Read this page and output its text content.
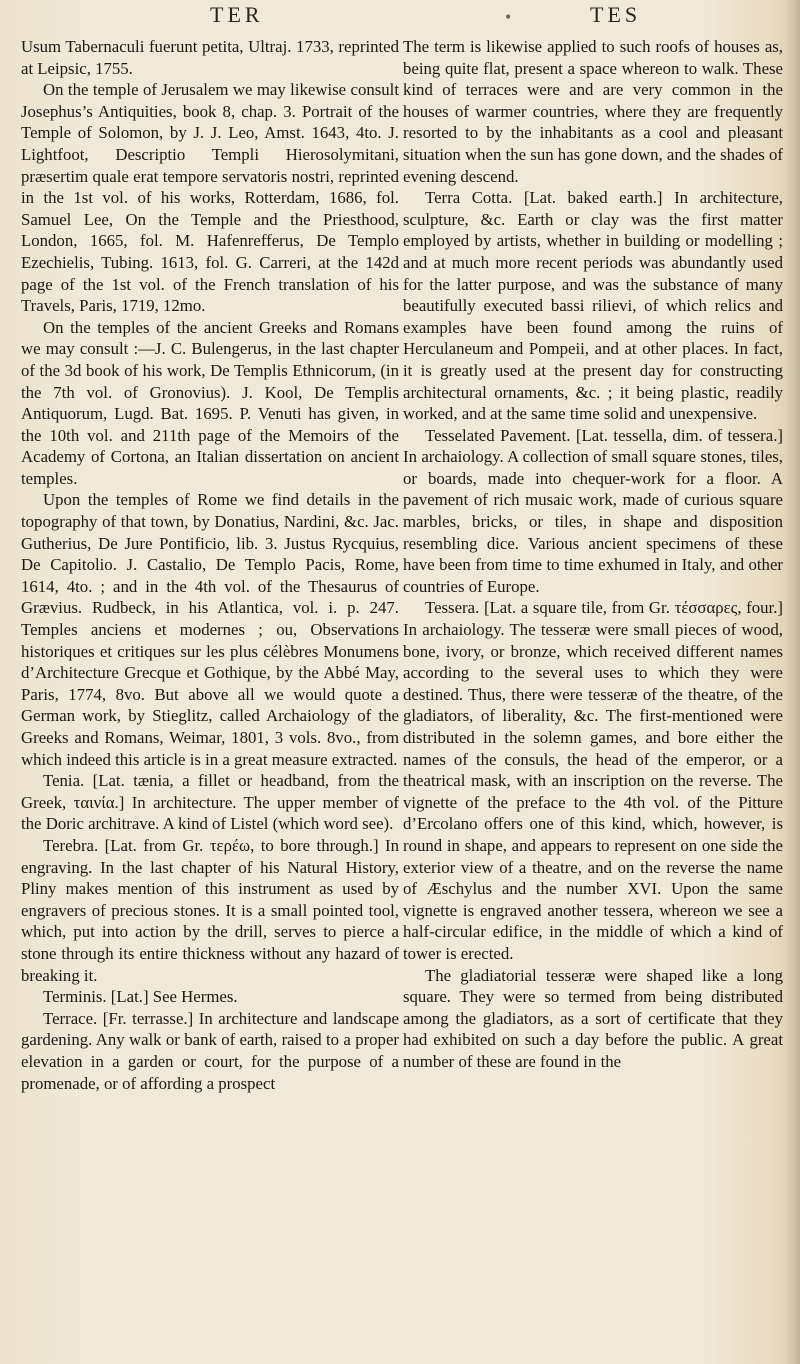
TER	•	TES

Usum Tabernaculi fuerunt petita, Ultraj. 1733, reprinted at Leipsic, 1755.

On the temple of Jerusalem we may likewise consult Josephus’s Antiquities, book 8, chap. 3. Portrait of the Temple of Solomon, by J. J. Leo, Amst. 1643, 4to. J. Lightfoot, Descriptio Templi Hierosolymitani, præsertim quale erat tempore servatoris nostri, reprinted in the 1st vol. of his works, Rotterdam, 1686, fol. Samuel Lee, On the Temple and the Priesthood, London, 1665, fol. M. Hafenrefferus, De Templo Ezechielis, Tubing. 1613, fol. G. Carreri, at the 142d page of the 1st vol. of the French translation of his Travels, Paris, 1719, 12mo.

On the temples of the ancient Greeks and Romans we may consult :—J. C. Bulengerus, in the last chapter of the 3d book of his work, De Templis Ethnicorum, (in the 7th vol. of Gronovius). J. Kool, De Templis Antiquorum, Lugd. Bat. 1695. P. Venuti has given, in the 10th vol. and 211th page of the Memoirs of the Academy of Cortona, an Italian dissertation on ancient temples.

Upon the temples of Rome we find details in the topography of that town, by Donatius, Nardini, &c. Jac. Gutherius, De Jure Pontificio, lib. 3. Justus Rycquius, De Capitolio. J. Castalio, De Templo Pacis, Rome, 1614, 4to. ; and in the 4th vol. of the Thesaurus of Grævius. Rudbeck, in his Atlantica, vol. i. p. 247. Temples anciens et modernes ; ou, Observations historiques et critiques sur les plus célèbres Monumens d’Architecture Grecque et Gothique, by the Abbé May, Paris, 1774, 8vo. But above all we would quote a German work, by Stieglitz, called Archaiology of the Greeks and Romans, Weimar, 1801, 3 vols. 8vo., from which indeed this article is in a great measure extracted.

Tenia. [Lat. tænia, a fillet or headband, from the Greek, ταινία.] In architecture. The upper member of the Doric architrave. A kind of Listel (which word see).

Terebra. [Lat. from Gr. τερέω, to bore through.] In engraving. In the last chapter of his Natural History, Pliny makes mention of this instrument as used by engravers of precious stones. It is a small pointed tool, which, put into action by the drill, serves to pierce a stone through its entire thickness without any hazard of breaking it.

Terminis. [Lat.] See Hermes.

Terrace. [Fr. terrasse.] In architecture and landscape gardening. Any walk or bank of earth, raised to a proper elevation in a garden or court, for the purpose of a promenade, or of affording a prospect

The term is likewise applied to such roofs of houses as, being quite flat, present a space whereon to walk. These kind of terraces were and are very common in the houses of warmer countries, where they are frequently resorted to by the inhabitants as a cool and pleasant situation when the sun has gone down, and the shades of evening descend.

Terra Cotta. [Lat. baked earth.] In architecture, sculpture, &c. Earth or clay was the first matter employed by artists, whether in building or modelling ; and at much more recent periods was abundantly used for the latter purpose, and was the substance of many beautifully executed bassi rilievi, of which relics and examples have been found among the ruins of Herculaneum and Pompeii, and at other places. In fact, it is greatly used at the present day for constructing architectural ornaments, &c. ; it being plastic, readily worked, and at the same time solid and unexpensive.

Tesselated Pavement. [Lat. tessella, dim. of tessera.] In archaiology. A collection of small square stones, tiles, or boards, made into chequer-work for a floor. A pavement of rich musaic work, made of curious square marbles, bricks, or tiles, in shape and disposition resembling dice. Various ancient specimens of these have been from time to time exhumed in Italy, and other countries of Europe.

Tessera. [Lat. a square tile, from Gr. τέσσαρες, four.] In archaiology. The tesseræ were small pieces of wood, bone, ivory, or bronze, which received different names according to the several uses to which they were destined. Thus, there were tesseræ of the theatre, of the gladiators, of liberality, &c. The first-mentioned were distributed in the solemn games, and bore either the names of the consuls, the head of the emperor, or a theatrical mask, with an inscription on the reverse. The vignette of the preface to the 4th vol. of the Pitture d’Ercolano offers one of this kind, which, however, is round in shape, and appears to represent on one side the exterior view of a theatre, and on the reverse the name of Æschylus and the number XVI. Upon the same vignette is engraved another tessera, whereon we see a half-circular edifice, in the middle of which a kind of tower is erected.

The gladiatorial tesseræ were shaped like a long square. They were so termed from being distributed among the gladiators, as a sort of certificate that they had exhibited on such a day before the public. A great number of these are found in the
